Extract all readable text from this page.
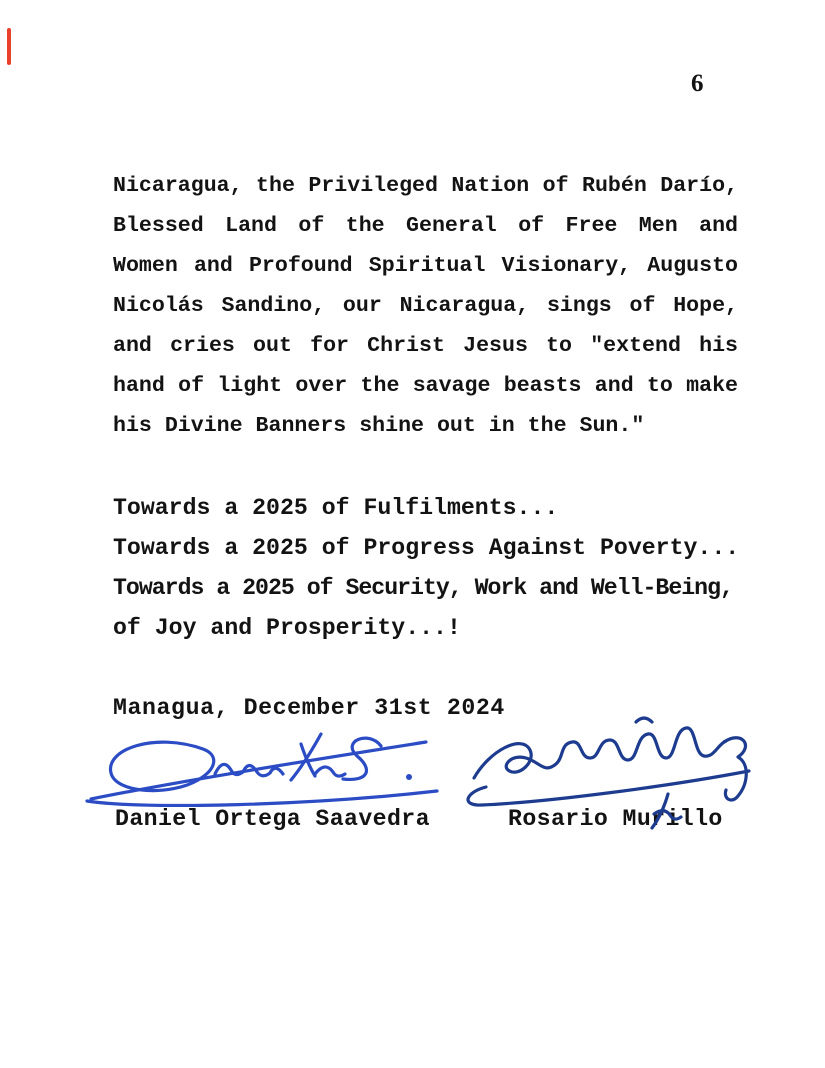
6
Nicaragua, the Privileged Nation of Rubén Darío,
Blessed Land of the General of Free Men and
Women and Profound Spiritual Visionary, Augusto
Nicolás Sandino, our Nicaragua, sings of Hope,
and cries out for Christ Jesus to "extend his
hand of light over the savage beasts and to make
his Divine Banners shine out in the Sun."
Towards a 2025 of Fulfilments...
Towards a 2025 of Progress Against Poverty...
Towards a 2025 of Security, Work and Well-Being,
of Joy and Prosperity...!
Managua, December 31st 2024
Daniel Ortega Saavedra	Rosario Murillo
